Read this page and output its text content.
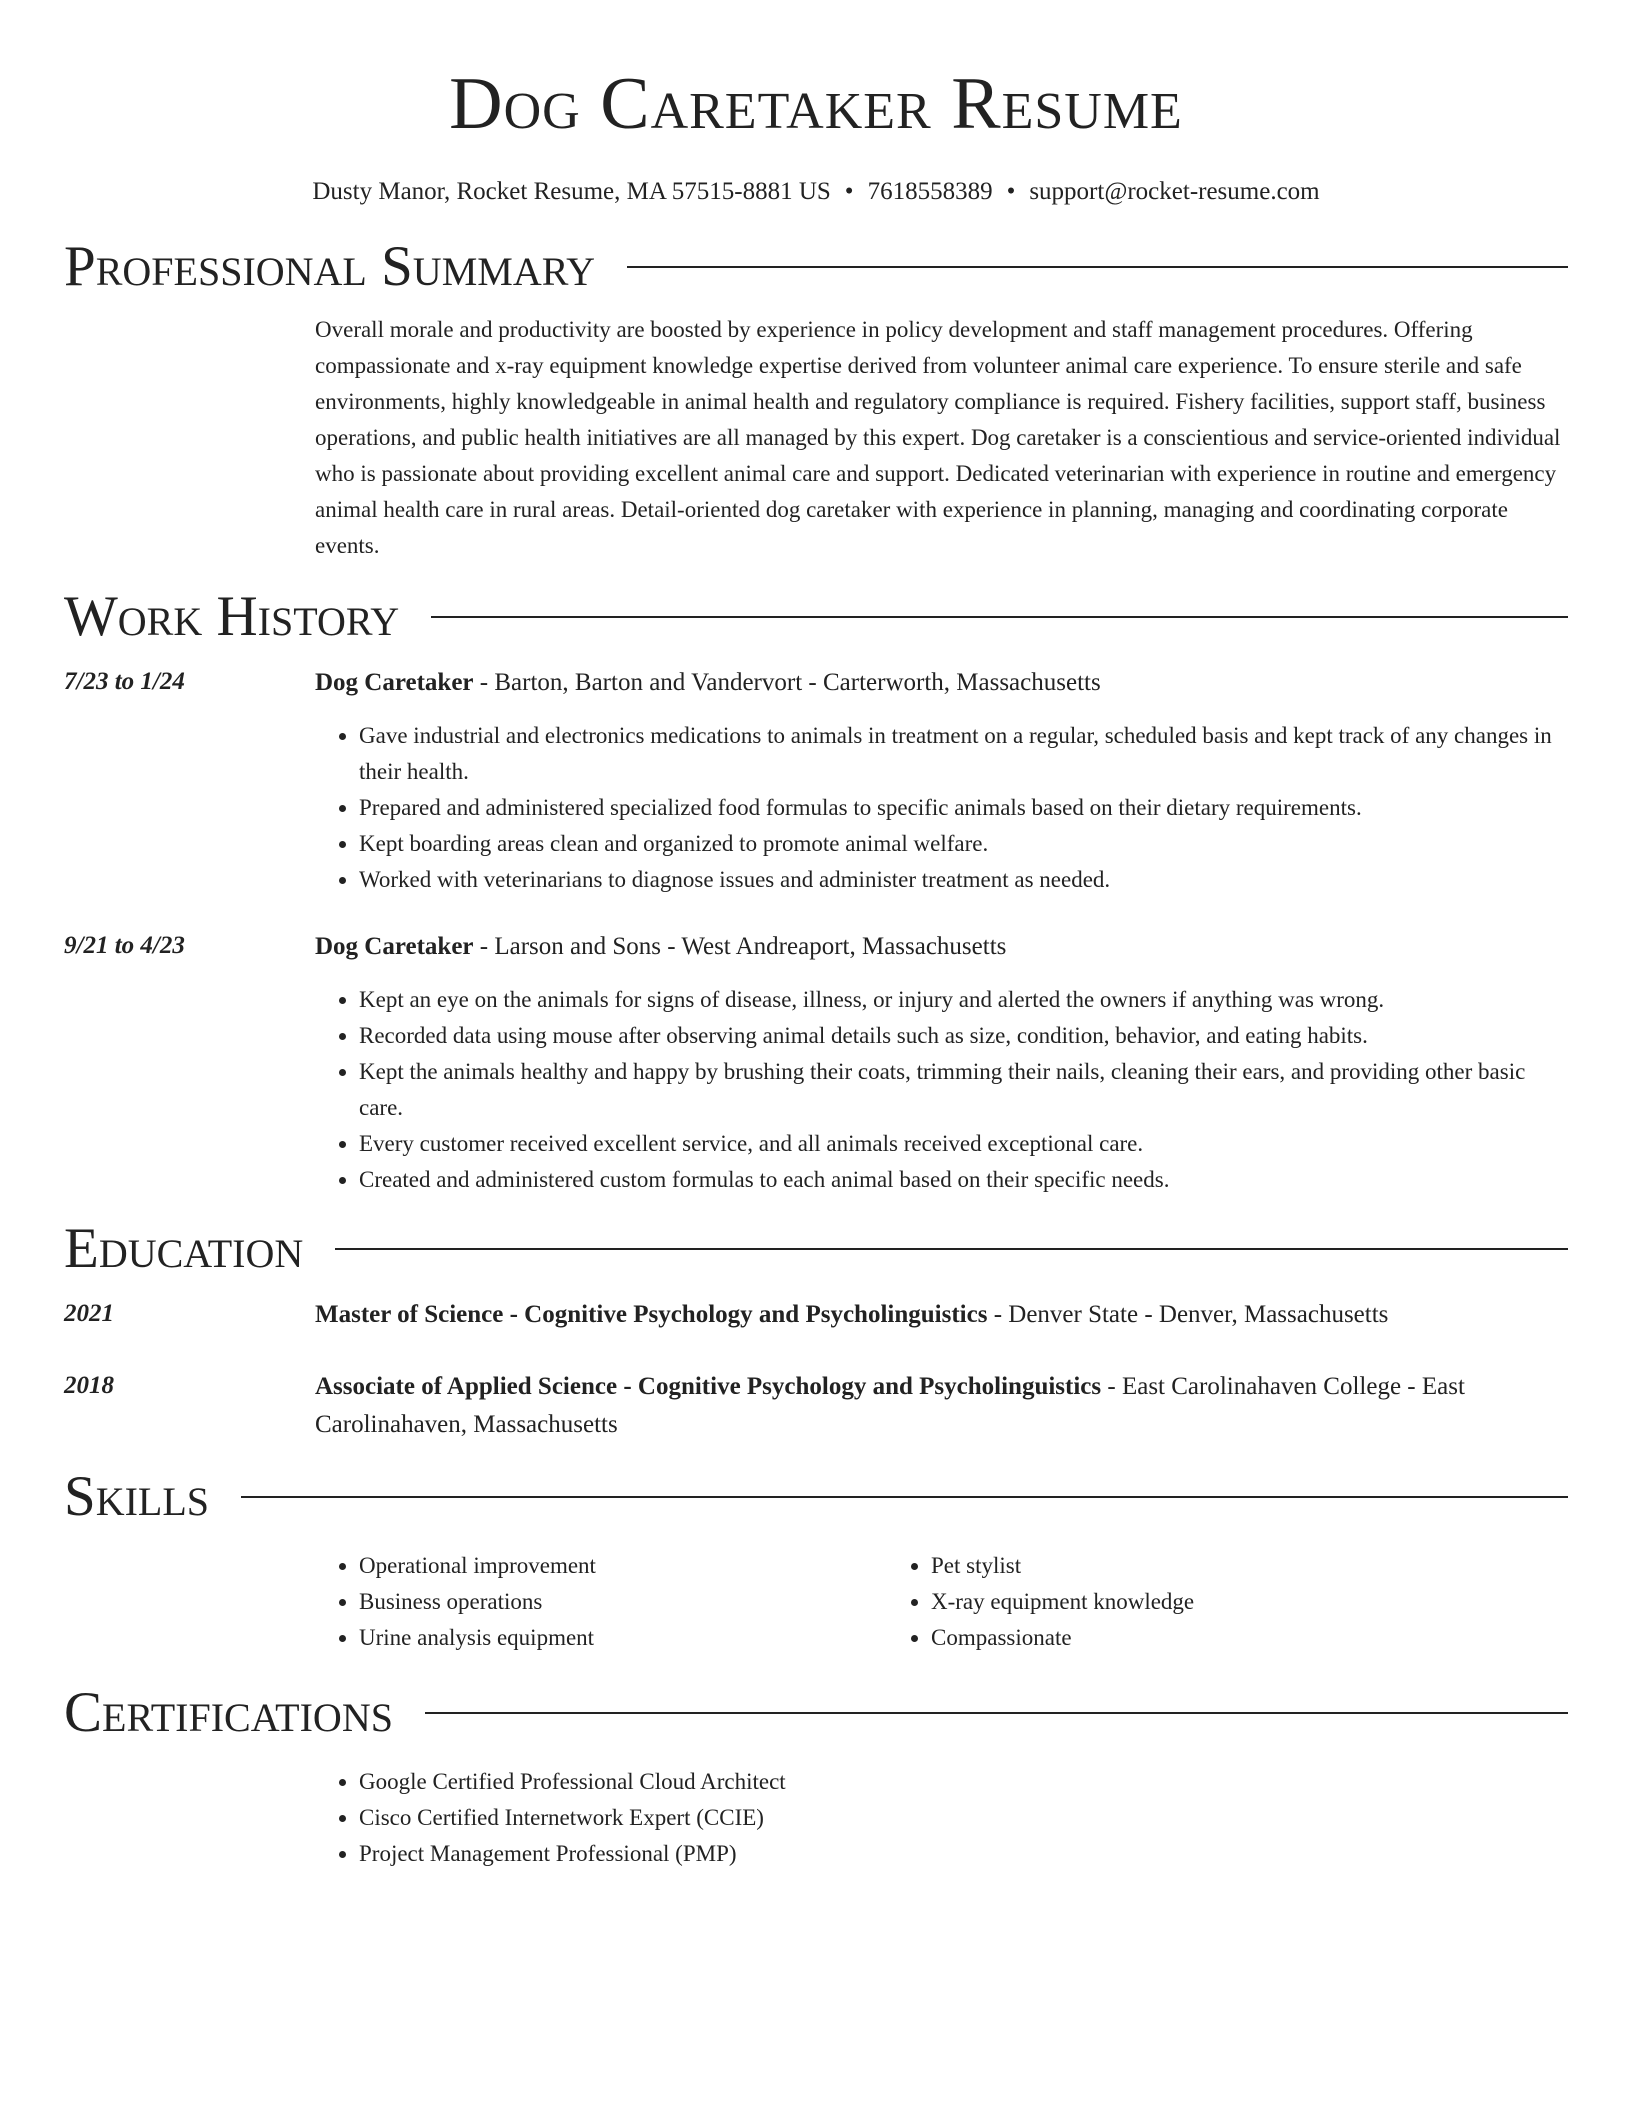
Dog Caretaker Resume
Dusty Manor, Rocket Resume, MA 57515-8881 US • 7618558389 • support@rocket-resume.com
Professional Summary
Overall morale and productivity are boosted by experience in policy development and staff management procedures. Offering compassionate and x-ray equipment knowledge expertise derived from volunteer animal care experience. To ensure sterile and safe environments, highly knowledgeable in animal health and regulatory compliance is required. Fishery facilities, support staff, business operations, and public health initiatives are all managed by this expert. Dog caretaker is a conscientious and service-oriented individual who is passionate about providing excellent animal care and support. Dedicated veterinarian with experience in routine and emergency animal health care in rural areas. Detail-oriented dog caretaker with experience in planning, managing and coordinating corporate events.
Work History
7/23 to 1/24	Dog Caretaker - Barton, Barton and Vandervort - Carterworth, Massachusetts
• Gave industrial and electronics medications to animals in treatment on a regular, scheduled basis and kept track of any changes in their health.
• Prepared and administered specialized food formulas to specific animals based on their dietary requirements.
• Kept boarding areas clean and organized to promote animal welfare.
• Worked with veterinarians to diagnose issues and administer treatment as needed.
9/21 to 4/23	Dog Caretaker - Larson and Sons - West Andreaport, Massachusetts
• Kept an eye on the animals for signs of disease, illness, or injury and alerted the owners if anything was wrong.
• Recorded data using mouse after observing animal details such as size, condition, behavior, and eating habits.
• Kept the animals healthy and happy by brushing their coats, trimming their nails, cleaning their ears, and providing other basic care.
• Every customer received excellent service, and all animals received exceptional care.
• Created and administered custom formulas to each animal based on their specific needs.
Education
2021	Master of Science - Cognitive Psychology and Psycholinguistics - Denver State - Denver, Massachusetts
2018	Associate of Applied Science - Cognitive Psychology and Psycholinguistics - East Carolinahaven College - East Carolinahaven, Massachusetts
Skills
• Operational improvement
• Business operations
• Urine analysis equipment
• Pet stylist
• X-ray equipment knowledge
• Compassionate
Certifications
• Google Certified Professional Cloud Architect
• Cisco Certified Internetwork Expert (CCIE)
• Project Management Professional (PMP)
